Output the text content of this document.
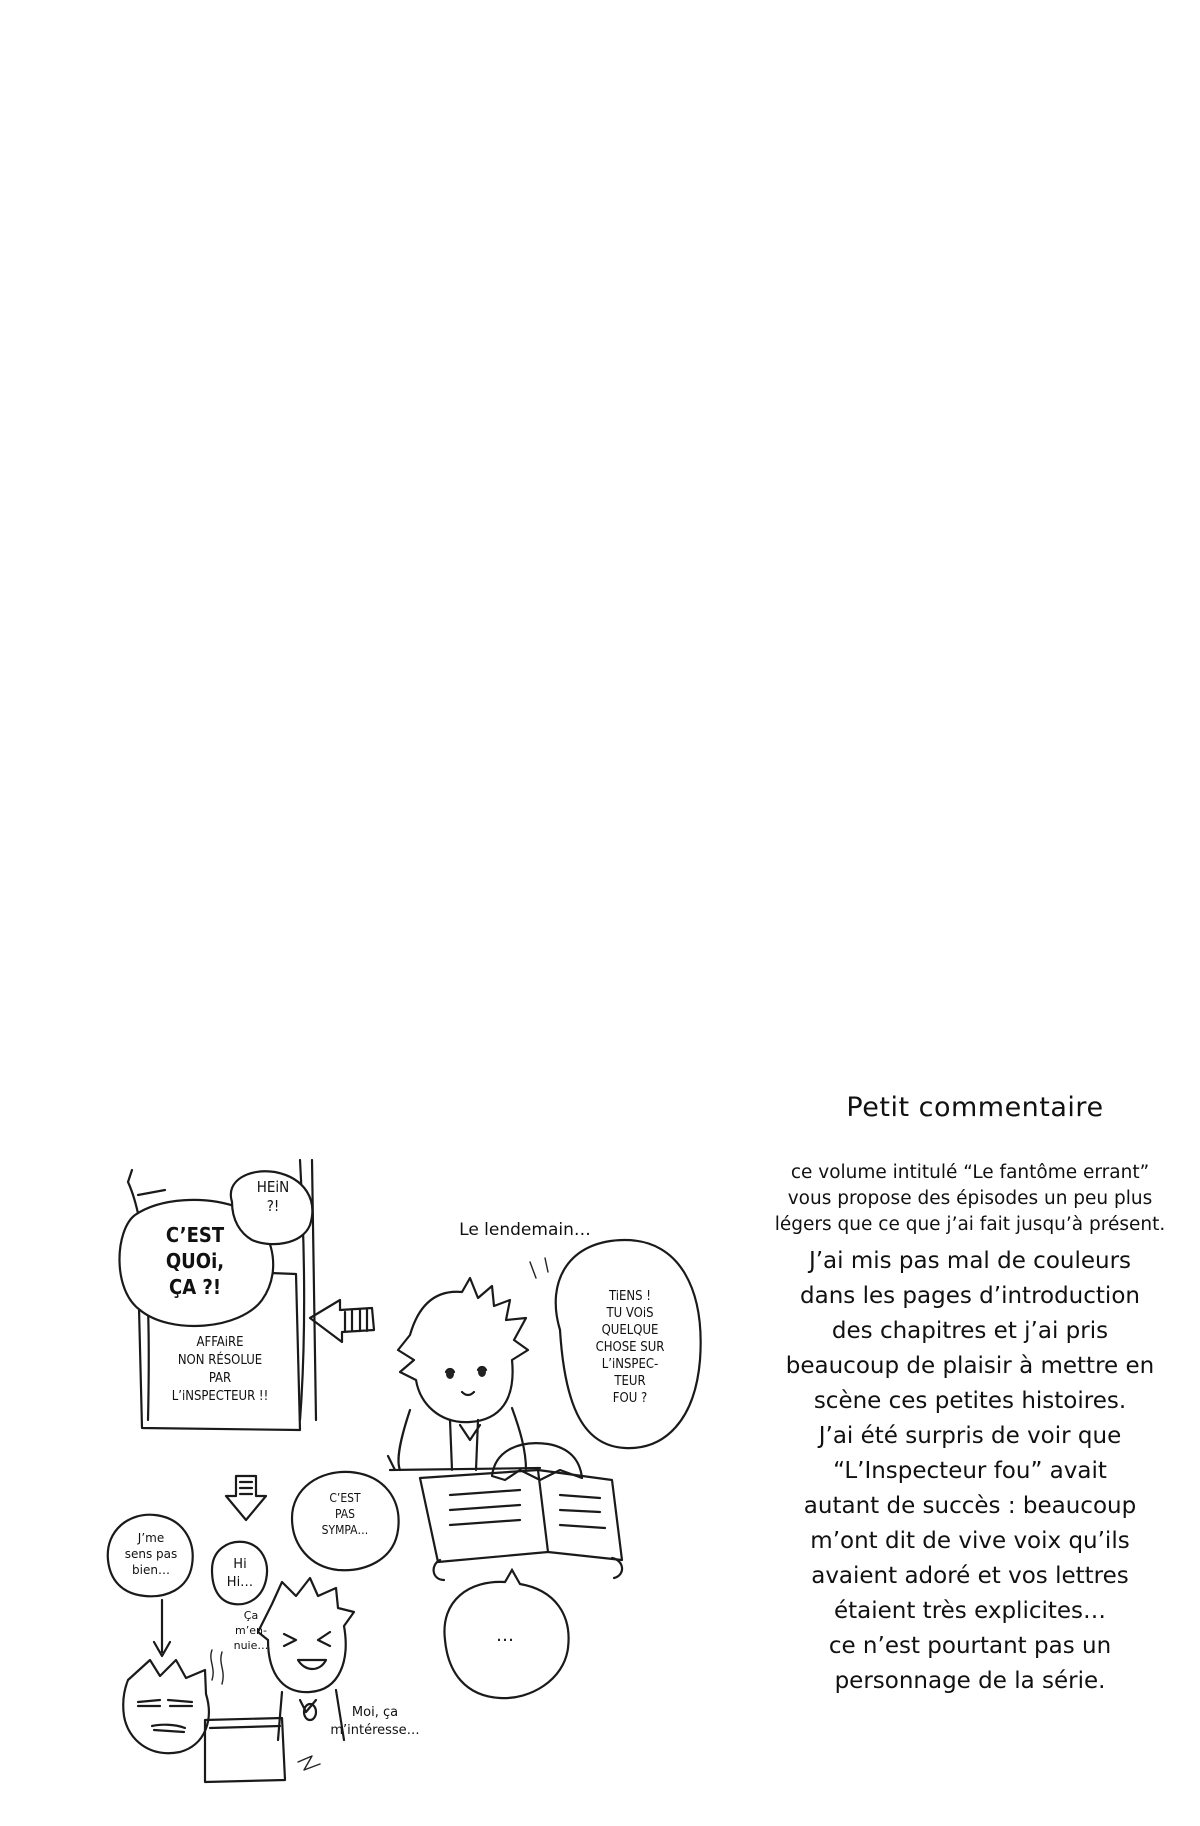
C’EST
QUOi,
ÇA ?!
HEiN
?!
AFFAiRE
NON RÉSOLUE
PAR
L’iNSPECTEUR !!
Le lendemain…
TiENS !
TU VOiS
QUELQUE
CHOSE SUR
L’iNSPEC-
TEUR
FOU ?
C’EST
PAS
SYMPA…
J’me
sens pas
bien…	Hi
Hi…
Ça
m’en-
nuie…	…
Moi, ça
m’intéresse…
Petit commentaire
ce volume intitulé “Le fantôme errant”
vous propose des épisodes un peu plus
légers que ce que j’ai fait jusqu’à présent.
J’ai mis pas mal de couleurs
dans les pages d’introduction
des chapitres et j’ai pris
beaucoup de plaisir à mettre en
scène ces petites histoires.
J’ai été surpris de voir que
“L’Inspecteur fou” avait
autant de succès : beaucoup
m’ont dit de vive voix qu’ils
avaient adoré et vos lettres
étaient très explicites…
ce n’est pourtant pas un
personnage de la série.
